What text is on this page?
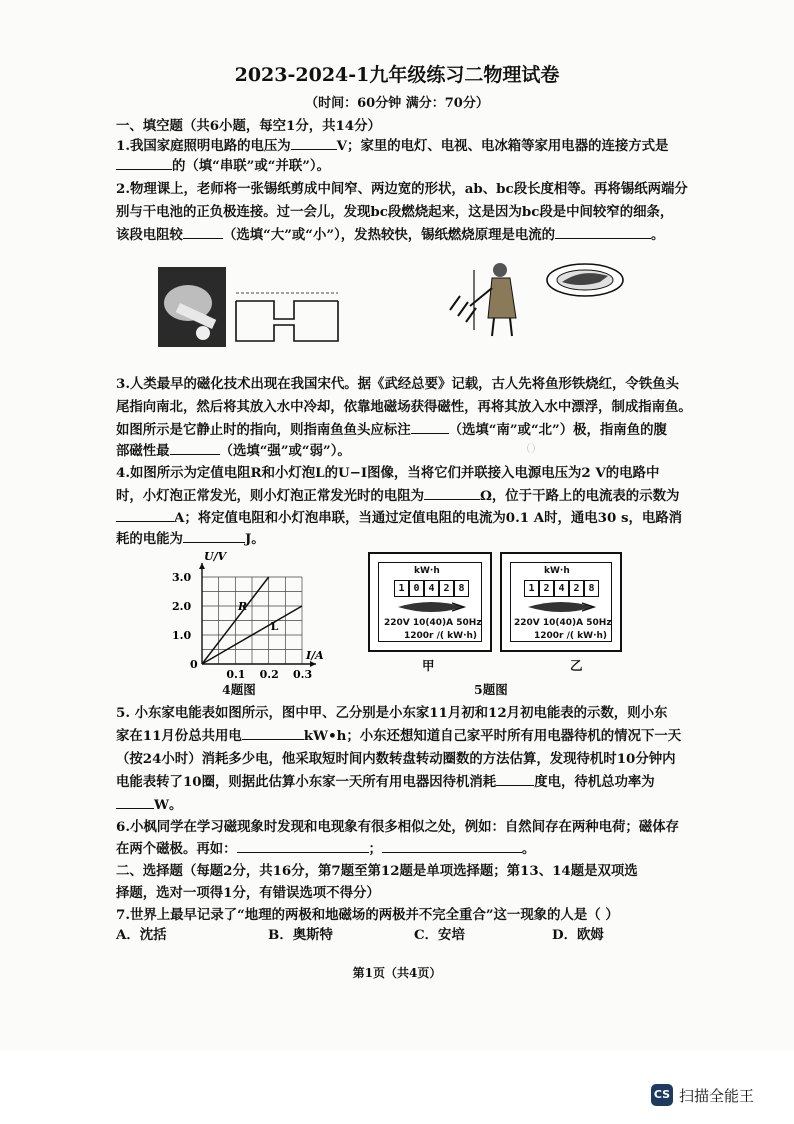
（）
2023-2024-1九年级练习二物理试卷
（时间：60分钟 满分：70分）
一、填空题（共6小题，每空1分，共14分）
1.我国家庭照明电路的电压为	V；家里的电灯、电视、电冰箱等家用电器的连接方式是
的（填“串联”或“并联”）。
2.物理课上，老师将一张锡纸剪成中间窄、两边宽的形状，ab、bc段长度相等。再将锡纸两端分
别与干电池的正负极连接。过一会儿，发现bc段燃烧起来，这是因为bc段是中间较窄的细条，
该段电阻较	（选填“大”或“小”），发热较快，锡纸燃烧原理是电流的	。
3.人类最早的磁化技术出现在我国宋代。据《武经总要》记载，古人先将鱼形铁烧红，令铁鱼头
尾指向南北，然后将其放入水中冷却，依靠地磁场获得磁性，再将其放入水中漂浮，制成指南鱼。
如图所示是它静止时的指向，则指南鱼鱼头应标注	（选填“南”或“北”）极，指南鱼的腹
部磁性最	（选填“强”或“弱”）。
4.如图所示为定值电阻R和小灯泡L的U−I图像，当将它们并联接入电源电压为2 V的电路中
时，小灯泡正常发光，则小灯泡正常发光时的电阻为	Ω，位于干路上的电流表的示数为
A；将定值电阻和小灯泡串联，当通过定值电阻的电流为0.1 A时，通电30 s，电路消
耗的电能为	J。
U/V
I/A
0
3.0
2.0
1.0
0.1 0.2 0.3
R
L
4题图
kW·h
1 0 4 2 8
220V 10(40)A 50Hz
1200r /( kW·h)
甲
kW·h
1 2 4 2 8
220V 10(40)A 50Hz
1200r /( kW·h)
乙
5题图
5. 小东家电能表如图所示，图中甲、乙分别是小东家11月初和12月初电能表的示数，则小东
家在11月份总共用电	kW•h；小东还想知道自己家平时所有用电器待机的情况下一天
（按24小时）消耗多少电，他采取短时间内数转盘转动圈数的方法估算，发现待机时10分钟内
电能表转了10圈，则据此估算小东家一天所有用电器因待机消耗	度电，待机总功率为
W。
6.小枫同学在学习磁现象时发现和电现象有很多相似之处，例如：自然间存在两种电荷；磁体存
在两个磁极。再如：	；	。
二、选择题（每题2分，共16分，第7题至第12题是单项选择题；第13、14题是双项选
择题，选对一项得1分，有错误选项不得分）
7.世界上最早记录了“地理的两极和地磁场的两极并不完全重合”这一现象的人是（ ）
A．沈括	B．奥斯特	C．安培	D．欧姆
第1页（共4页）
CS 扫描全能王
